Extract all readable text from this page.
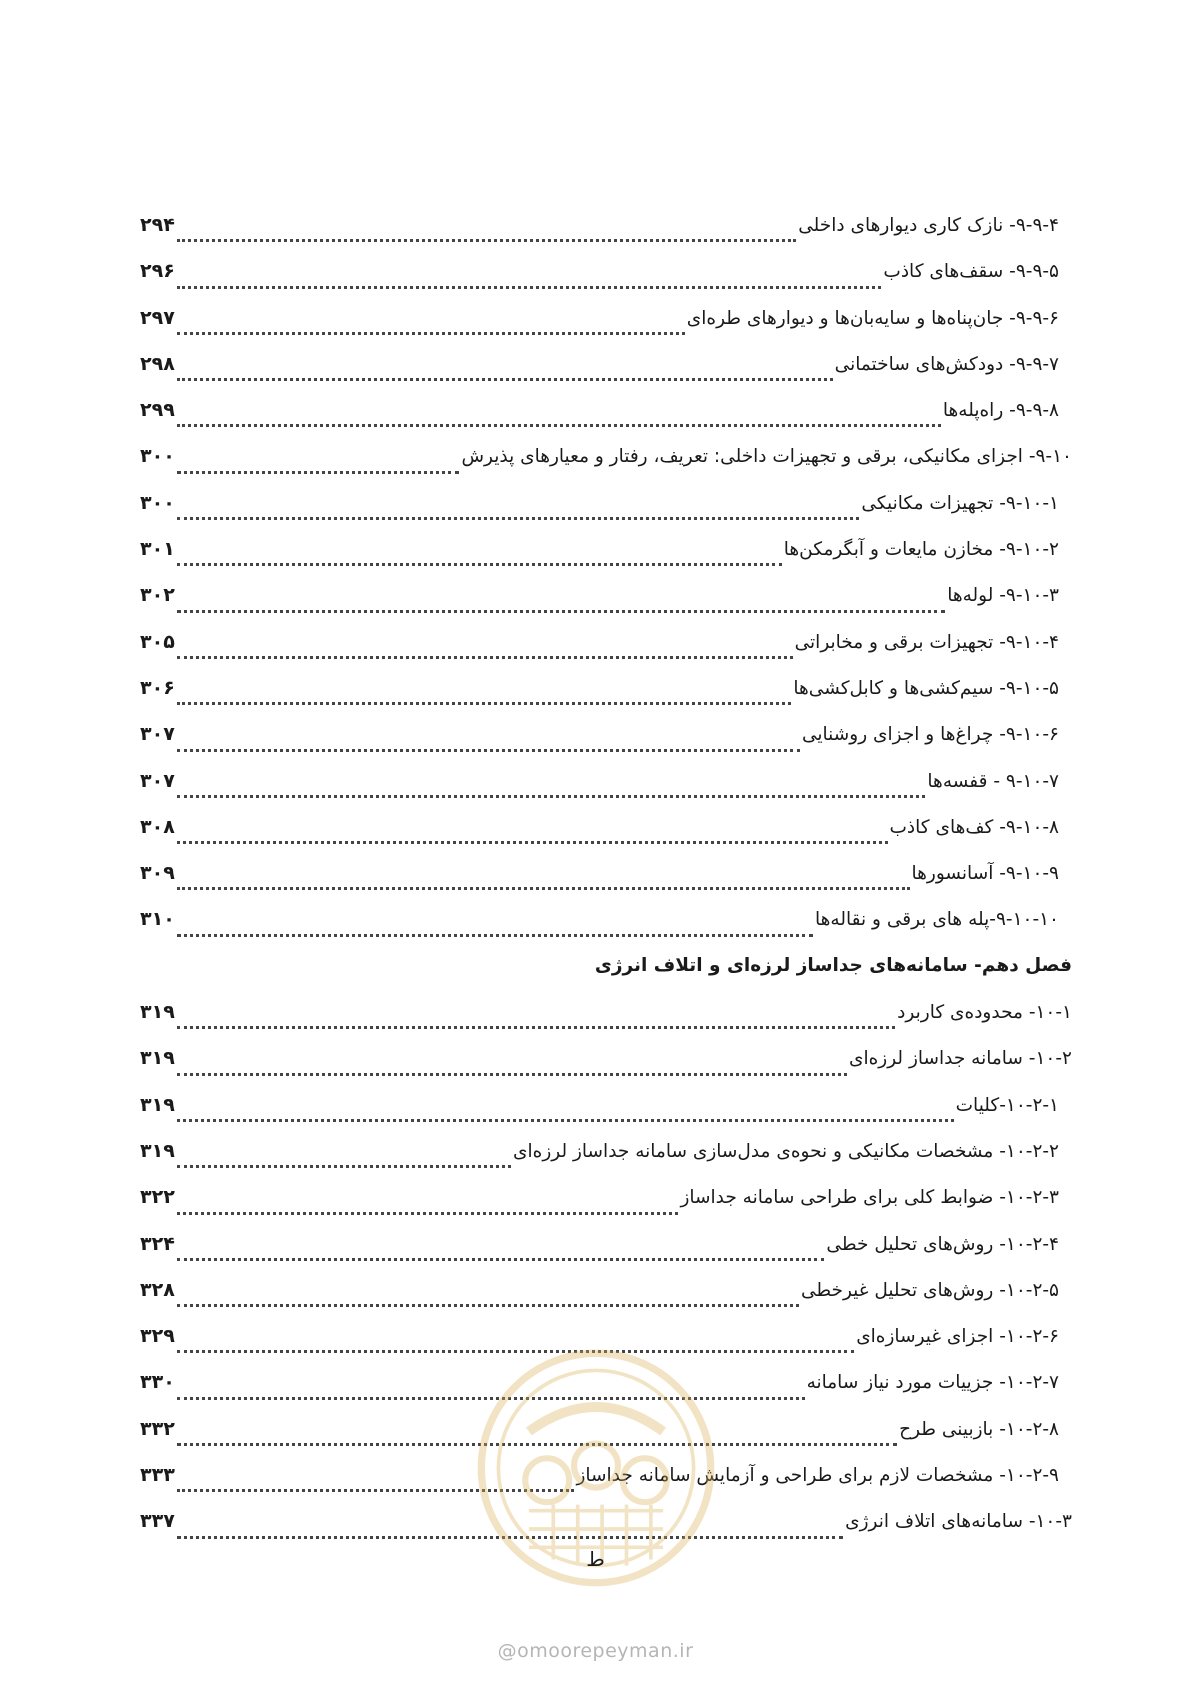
۹-۹-۴- نازک کاری دیوارهای داخلی
۲۹۴
۹-۹-۵- سقف‌های کاذب
۲۹۶
۹-۹-۶- جان‌پناه‌ها و سایه‌بان‌ها و دیوارهای طره‌ای
۲۹۷
۹-۹-۷- دودکش‌های ساختمانی
۲۹۸
۹-۹-۸- راه‌پله‌ها
۲۹۹
۹-۱۰- اجزای مکانیکی، برقی و تجهیزات داخلی: تعریف، رفتار و معیارهای پذیرش
۳۰۰
۹-۱۰-۱- تجهیزات مکانیکی
۳۰۰
۹-۱۰-۲- مخازن مایعات و آبگرمکن‌ها
۳۰۱
۹-۱۰-۳- لوله‌ها
۳۰۲
۹-۱۰-۴- تجهیزات برقی و مخابراتی
۳۰۵
۹-۱۰-۵- سیم‌کشی‌ها و کابل‌کشی‌ها
۳۰۶
۹-۱۰-۶- چراغ‌ها و اجزای روشنایی
۳۰۷
۹-۱۰-۷ - قفسه‌ها
۳۰۷
۹-۱۰-۸- کف‌های کاذب
۳۰۸
۹-۱۰-۹- آسانسورها
۳۰۹
۹-۱۰-۱۰-پله های برقی و نقاله‌ها
۳۱۰
فصل دهم- سامانه‌های جداساز لرزه‌ای و اتلاف انرژی
۱۰-۱- محدوده‌ی کاربرد
۳۱۹
۱۰-۲- سامانه جداساز لرزه‌ای
۳۱۹
۱۰-۲-۱-کلیات
۳۱۹
۱۰-۲-۲- مشخصات مکانیکی و نحوه‌ی مدل‌سازی سامانه جداساز لرزه‌ای
۳۱۹
۱۰-۲-۳- ضوابط کلی برای طراحی سامانه جداساز
۳۲۲
۱۰-۲-۴- روش‌های تحلیل خطی
۳۲۴
۱۰-۲-۵- روش‌های تحلیل غیرخطی
۳۲۸
۱۰-۲-۶- اجزای غیرسازه‌ای
۳۲۹
۱۰-۲-۷- جزییات مورد نیاز سامانه
۳۳۰
۱۰-۲-۸- بازبینی طرح
۳۳۲
۱۰-۲-۹- مشخصات لازم برای طراحی و آزمایش سامانه جداساز
۳۳۳
۱۰-۳- سامانه‌های اتلاف انرژی
۳۳۷
ط
@omoorepeyman.ir
